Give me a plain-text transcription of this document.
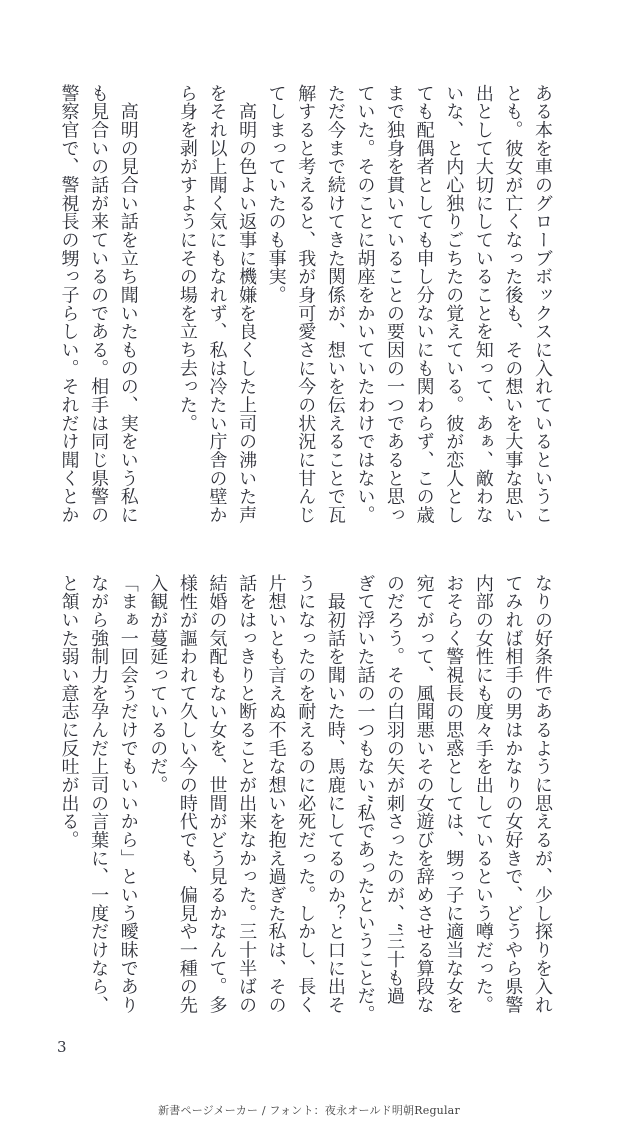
ある本を車のグローブボックスに入れているというこ
とも。彼女が亡くなった後も、その想いを大事な思い
出として大切にしていることを知って、あぁ、敵わな
いな、と内心独りごちたの覚えている。彼が恋人とし
ても配偶者としても申し分ないにも関わらず、この歳
まで独身を貫いていることの要因の一つであると思っ
ていた。そのことに胡座をかいていたわけではない。
ただ今まで続けてきた関係が、想いを伝えることで瓦
解すると考えると、我が身可愛さに今の状況に甘んじ
てしまっていたのも事実。
　高明の色よい返事に機嫌を良くした上司の沸いた声
をそれ以上聞く気にもなれず、私は冷たい庁舎の壁か
ら身を剥がすようにその場を立ち去った。
　高明の見合い話を立ち聞いたものの、実をいう私に
も見合いの話が来ているのである。相手は同じ県警の
警察官で、警視長の甥っ子らしい。それだけ聞くとか
なりの好条件であるように思えるが、少し探りを入れ
てみれば相手の男はかなりの女好きで、どうやら県警
内部の女性にも度々手を出しているという噂だった。
おそらく警視長の思惑としては、甥っ子に適当な女を
宛てがって、風聞悪いその女遊びを辞めさせる算段な
のだろう。その白羽の矢が刺さったのが、“三十も過
ぎて浮いた話の一つもない”私であったということだ。
　最初話を聞いた時、馬鹿にしてるのか？と口に出そ
うになったのを耐えるのに必死だった。しかし、長く
片想いとも言えぬ不毛な想いを抱え過ぎた私は、その
話をはっきりと断ることが出来なかった。三十半ばの
結婚の気配もない女を、世間がどう見るかなんて。多
様性が謳われて久しい今の時代でも、偏見や一種の先
入観が蔓延っているのだ。
「まぁ一回会うだけでもいいから」という曖昧であり
ながら強制力を孕んだ上司の言葉に、一度だけなら、
と頷いた弱い意志に反吐が出る。
3
新書ページメーカー / フォント：夜永オールド明朝Regular
